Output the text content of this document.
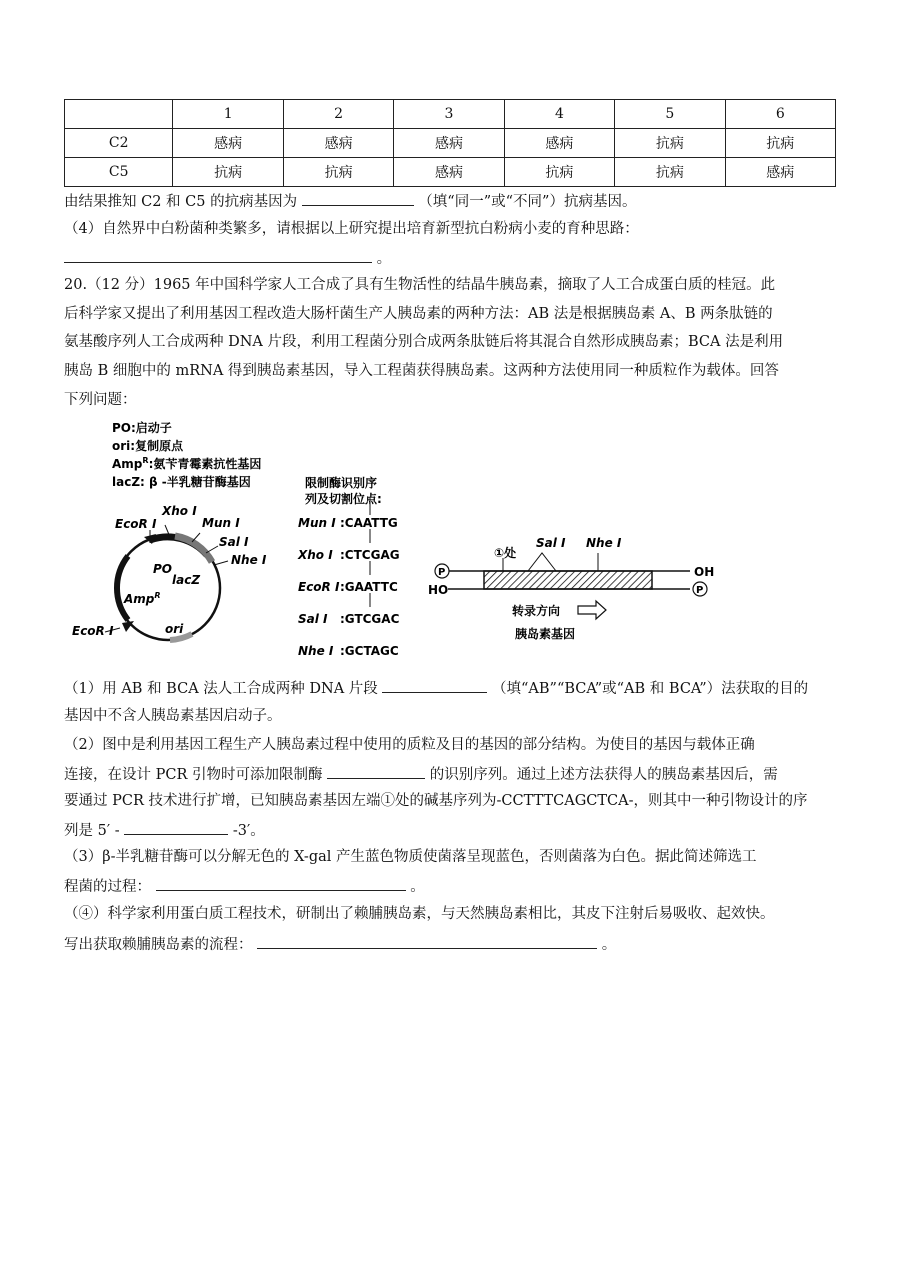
	1	2	3	4	5	6
C2	感病	感病	感病	感病	抗病	抗病
C5	抗病	抗病	感病	抗病	抗病	感病
由结果推知 C2 和 C5 的抗病基因为	（填“同一”或“不同”）抗病基因。
（4）自然界中白粉菌种类繁多，请根据以上研究提出培育新型抗白粉病小麦的育种思路：
。
20.（12 分）1965 年中国科学家人工合成了具有生物活性的结晶牛胰岛素，摘取了人工合成蛋白质的桂冠。此
后科学家又提出了利用基因工程改造大肠杆菌生产人胰岛素的两种方法：AB 法是根据胰岛素 A、B 两条肽链的
氨基酸序列人工合成两种 DNA 片段，利用工程菌分别合成两条肽链后将其混合自然形成胰岛素；BCA 法是利用
胰岛 B 细胞中的 mRNA 得到胰岛素基因，导入工程菌获得胰岛素。这两种方法使用同一种质粒作为载体。回答
下列问题：
PO:启动子
ori:复制原点
Amp$^R$:氨苄青霉素抗性基因
lacZ: β -半乳糖苷酶基因
EcoR Ⅰ
Xho Ⅰ
Mun Ⅰ
Sal Ⅰ
Nhe Ⅰ
PO
lacZ
Amp$^R$
EcoR Ⅰ	ori
限制酶识别序
列及切割位点:
Mun Ⅰ :CAATTG
Xho Ⅰ :CTCGAG
EcoR Ⅰ :GAATTC
Sal Ⅰ :GTCGAC
Nhe Ⅰ :GCTAGC
P
P
①处
Sal Ⅰ Nhe Ⅰ
OH
HO
转录方向
胰岛素基因
（1）用 AB 和 BCA 法人工合成两种 DNA 片段	（填“AB”“BCA”或“AB 和 BCA”）法获取的目的
基因中不含人胰岛素基因启动子。
（2）图中是利用基因工程生产人胰岛素过程中使用的质粒及目的基因的部分结构。为使目的基因与载体正确
连接，在设计 PCR 引物时可添加限制酶	的识别序列。通过上述方法获得人的胰岛素基因后，需
要通过 PCR 技术进行扩增，已知胰岛素基因左端①处的碱基序列为-CCTTTCAGCTCA-，则其中一种引物设计的序
列是 5′ -	-3′。
（3）β-半乳糖苷酶可以分解无色的 X-gal 产生蓝色物质使菌落呈现蓝色，否则菌落为白色。据此简述筛选工
程菌的过程：	。
（④）科学家利用蛋白质工程技术，研制出了赖脯胰岛素，与天然胰岛素相比，其皮下注射后易吸收、起效快。
写出获取赖脯胰岛素的流程：	。
